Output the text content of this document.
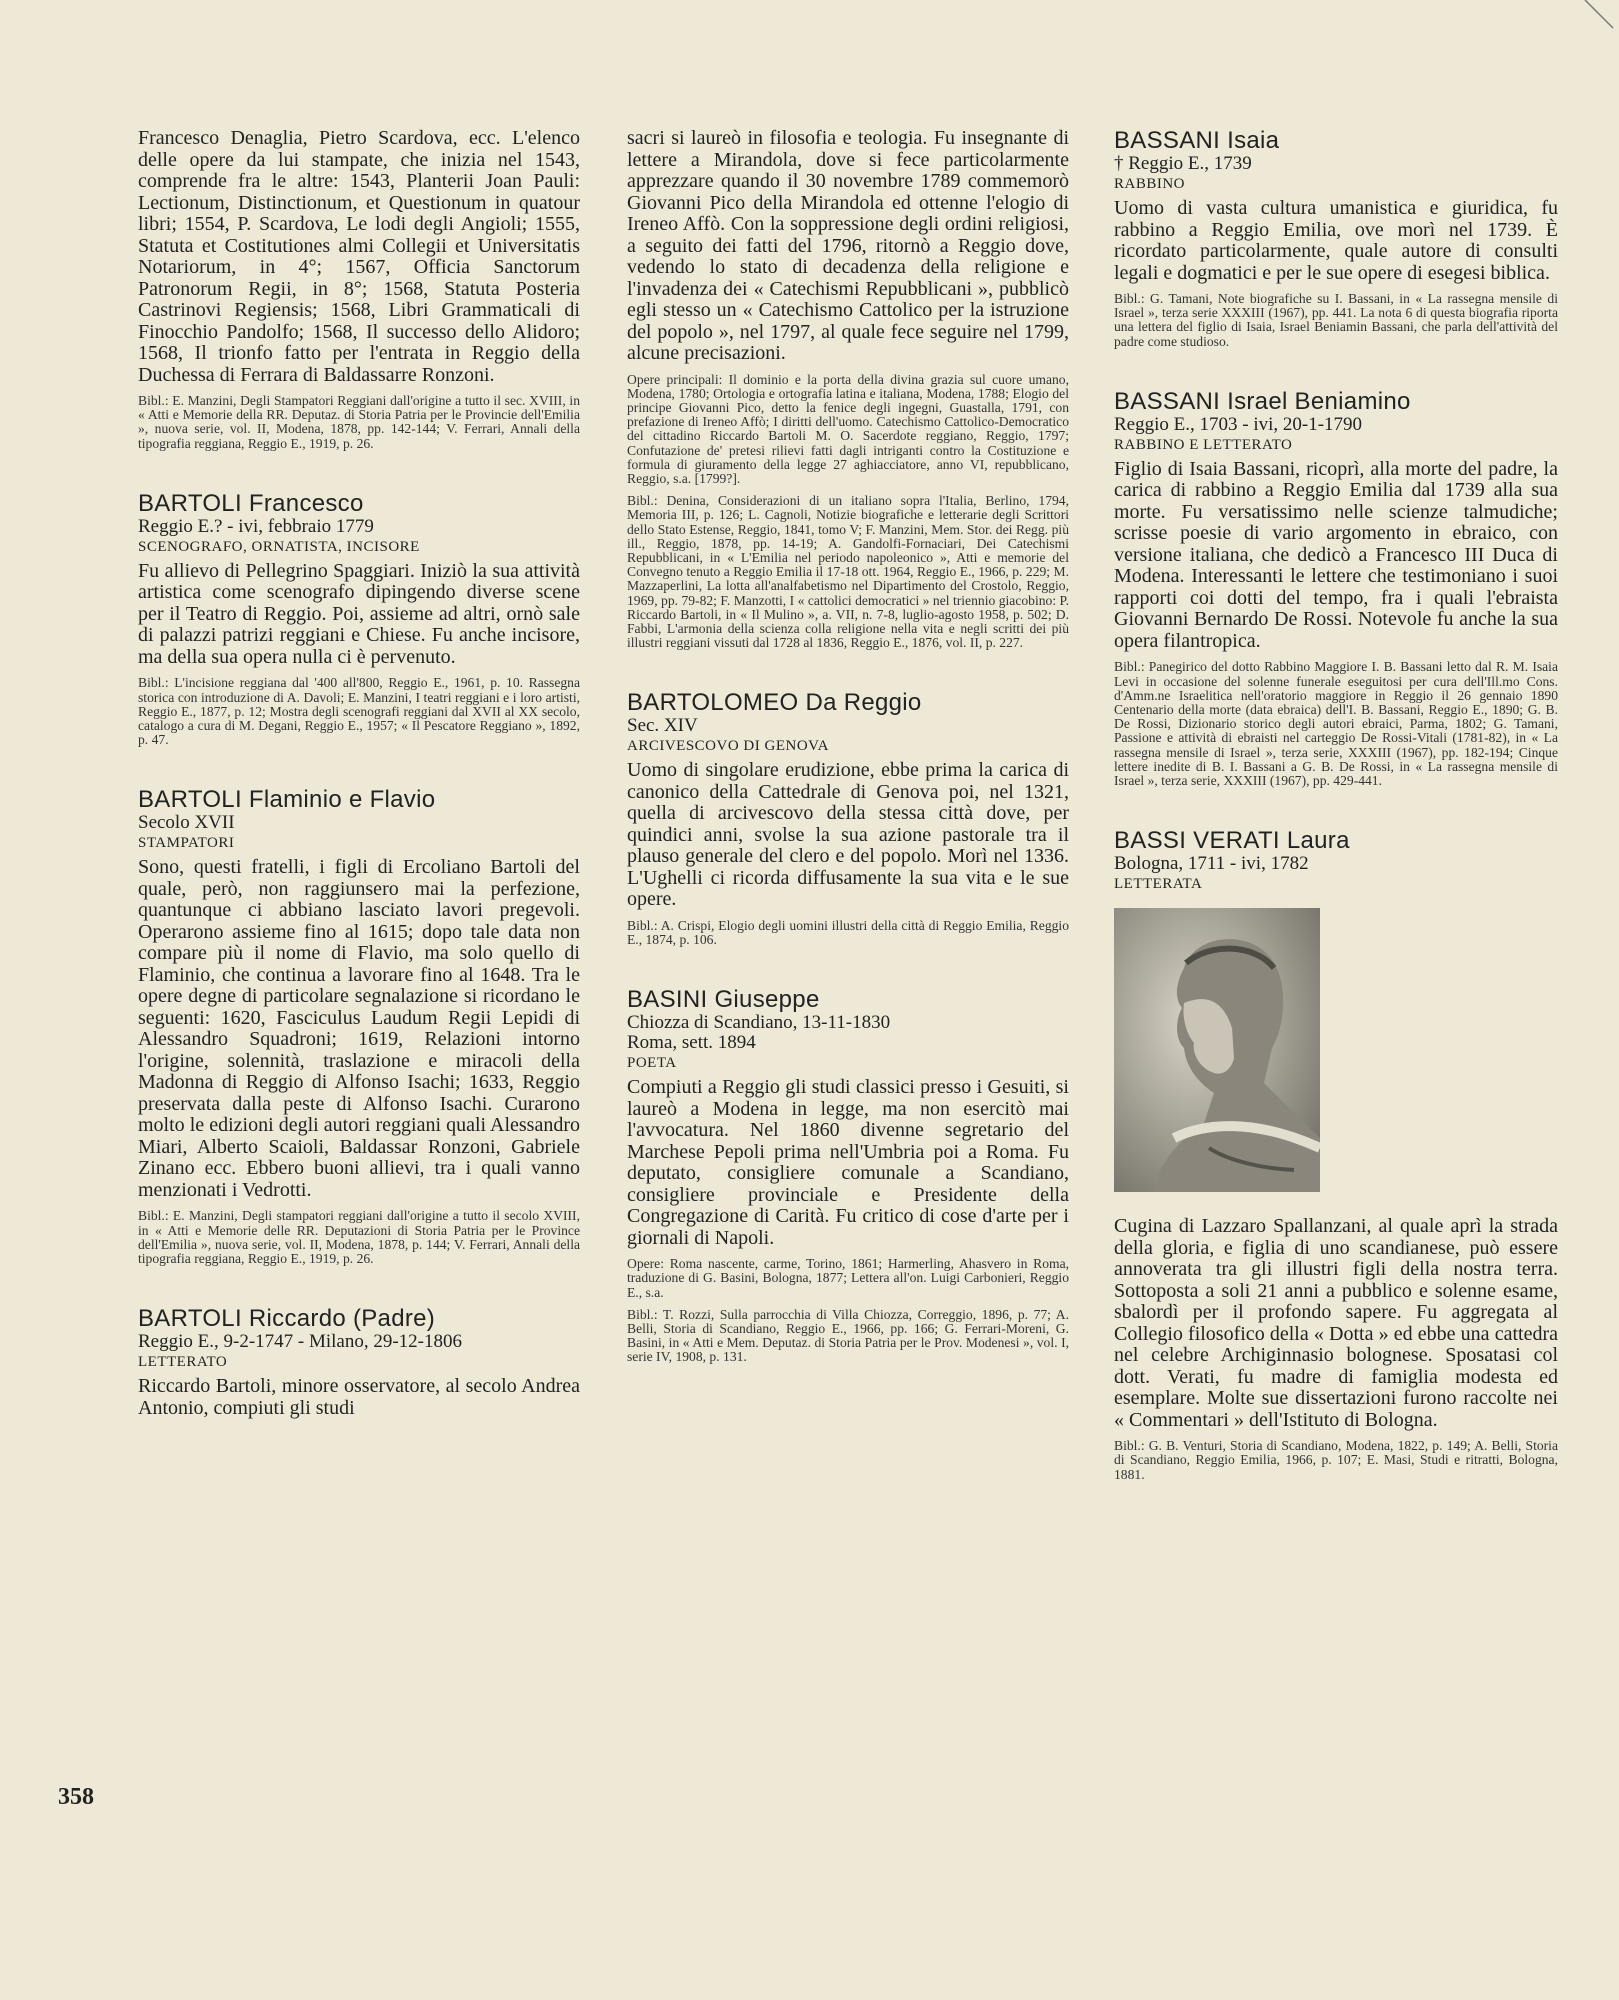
358

Francesco Denaglia, Pietro Scardova, ecc. L'elenco delle opere da lui stampate, che inizia nel 1543, comprende fra le altre: 1543, Planterii Joan Pauli: Lectionum, Distinctionum, et Questionum in quatour libri; 1554, P. Scardova, Le lodi degli Angioli; 1555, Statuta et Costitutiones almi Collegii et Universitatis Notariorum, in 4°; 1567, Officia Sanctorum Patronorum Regii, in 8°; 1568, Statuta Posteria Castrinovi Regiensis; 1568, Libri Grammaticali di Finocchio Pandolfo; 1568, Il successo dello Alidoro; 1568, Il trionfo fatto per l'entrata in Reggio della Duchessa di Ferrara di Baldassarre Ronzoni.

Bibl.: E. Manzini, Degli Stampatori Reggiani dall'origine a tutto il sec. XVIII, in « Atti e Memorie della RR. Deputaz. di Storia Patria per le Provincie dell'Emilia », nuova serie, vol. II, Modena, 1878, pp. 142-144; V. Ferrari, Annali della tipografia reggiana, Reggio E., 1919, p. 26.

BARTOLI Francesco

Reggio E.? - ivi, febbraio 1779

SCENOGRAFO, ORNATISTA, INCISORE

Fu allievo di Pellegrino Spaggiari. Iniziò la sua attività artistica come scenografo dipingendo diverse scene per il Teatro di Reggio. Poi, assieme ad altri, ornò sale di palazzi patrizi reggiani e Chiese. Fu anche incisore, ma della sua opera nulla ci è pervenuto.

Bibl.: L'incisione reggiana dal '400 all'800, Reggio E., 1961, p. 10. Rassegna storica con introduzione di A. Davoli; E. Manzini, I teatri reggiani e i loro artisti, Reggio E., 1877, p. 12; Mostra degli scenografi reggiani dal XVII al XX secolo, catalogo a cura di M. Degani, Reggio E., 1957; « Il Pescatore Reggiano », 1892, p. 47.

BARTOLI Flaminio e Flavio

Secolo XVII

STAMPATORI

Sono, questi fratelli, i figli di Ercoliano Bartoli del quale, però, non raggiunsero mai la perfezione, quantunque ci abbiano lasciato lavori pregevoli. Operarono assieme fino al 1615; dopo tale data non compare più il nome di Flavio, ma solo quello di Flaminio, che continua a lavorare fino al 1648. Tra le opere degne di particolare segnalazione si ricordano le seguenti: 1620, Fasciculus Laudum Regii Lepidi di Alessandro Squadroni; 1619, Relazioni intorno l'origine, solennità, traslazione e miracoli della Madonna di Reggio di Alfonso Isachi; 1633, Reggio preservata dalla peste di Alfonso Isachi. Curarono molto le edizioni degli autori reggiani quali Alessandro Miari, Alberto Scaioli, Baldassar Ronzoni, Gabriele Zinano ecc. Ebbero buoni allievi, tra i quali vanno menzionati i Vedrotti.

Bibl.: E. Manzini, Degli stampatori reggiani dall'origine a tutto il secolo XVIII, in « Atti e Memorie delle RR. Deputazioni di Storia Patria per le Province dell'Emilia », nuova serie, vol. II, Modena, 1878, p. 144; V. Ferrari, Annali della tipografia reggiana, Reggio E., 1919, p. 26.

BARTOLI Riccardo (Padre)

Reggio E., 9-2-1747 - Milano, 29-12-1806

LETTERATO

Riccardo Bartoli, minore osservatore, al secolo Andrea Antonio, compiuti gli studi

sacri si laureò in filosofia e teologia. Fu insegnante di lettere a Mirandola, dove si fece particolarmente apprezzare quando il 30 novembre 1789 commemorò Giovanni Pico della Mirandola ed ottenne l'elogio di Ireneo Affò. Con la soppressione degli ordini religiosi, a seguito dei fatti del 1796, ritornò a Reggio dove, vedendo lo stato di decadenza della religione e l'invadenza dei « Catechismi Repubblicani », pubblicò egli stesso un « Catechismo Cattolico per la istruzione del popolo », nel 1797, al quale fece seguire nel 1799, alcune precisazioni.

Opere principali: Il dominio e la porta della divina grazia sul cuore umano, Modena, 1780; Ortologia e ortografia latina e italiana, Modena, 1788; Elogio del principe Giovanni Pico, detto la fenice degli ingegni, Guastalla, 1791, con prefazione di Ireneo Affò; I diritti dell'uomo. Catechismo Cattolico-Democratico del cittadino Riccardo Bartoli M. O. Sacerdote reggiano, Reggio, 1797; Confutazione de' pretesi rilievi fatti dagli intriganti contro la Costituzione e formula di giuramento della legge 27 aghiacciatore, anno VI, repubblicano, Reggio, s.a. [1799?].

Bibl.: Denina, Considerazioni di un italiano sopra l'Italia, Berlino, 1794, Memoria III, p. 126; L. Cagnoli, Notizie biografiche e letterarie degli Scrittori dello Stato Estense, Reggio, 1841, tomo V; F. Manzini, Mem. Stor. dei Regg. più ill., Reggio, 1878, pp. 14-19; A. Gandolfi-Fornaciari, Dei Catechismi Repubblicani, in « L'Emilia nel periodo napoleonico », Atti e memorie del Convegno tenuto a Reggio Emilia il 17-18 ott. 1964, Reggio E., 1966, p. 229; M. Mazzaperlini, La lotta all'analfabetismo nel Dipartimento del Crostolo, Reggio, 1969, pp. 79-82; F. Manzotti, I « cattolici democratici » nel triennio giacobino: P. Riccardo Bartoli, in « Il Mulino », a. VII, n. 7-8, luglio-agosto 1958, p. 502; D. Fabbi, L'armonia della scienza colla religione nella vita e negli scritti dei più illustri reggiani vissuti dal 1728 al 1836, Reggio E., 1876, vol. II, p. 227.

BARTOLOMEO Da Reggio

Sec. XIV

ARCIVESCOVO DI GENOVA

Uomo di singolare erudizione, ebbe prima la carica di canonico della Cattedrale di Genova poi, nel 1321, quella di arcivescovo della stessa città dove, per quindici anni, svolse la sua azione pastorale tra il plauso generale del clero e del popolo. Morì nel 1336. L'Ughelli ci ricorda diffusamente la sua vita e le sue opere.

Bibl.: A. Crispi, Elogio degli uomini illustri della città di Reggio Emilia, Reggio E., 1874, p. 106.

BASINI Giuseppe

Chiozza di Scandiano, 13-11-1830

Roma, sett. 1894

POETA

Compiuti a Reggio gli studi classici presso i Gesuiti, si laureò a Modena in legge, ma non esercitò mai l'avvocatura. Nel 1860 divenne segretario del Marchese Pepoli prima nell'Umbria poi a Roma. Fu deputato, consigliere comunale a Scandiano, consigliere provinciale e Presidente della Congregazione di Carità. Fu critico di cose d'arte per i giornali di Napoli.

Opere: Roma nascente, carme, Torino, 1861; Harmerling, Ahasvero in Roma, traduzione di G. Basini, Bologna, 1877; Lettera all'on. Luigi Carbonieri, Reggio E., s.a.

Bibl.: T. Rozzi, Sulla parrocchia di Villa Chiozza, Correggio, 1896, p. 77; A. Belli, Storia di Scandiano, Reggio E., 1966, pp. 166; G. Ferrari-Moreni, G. Basini, in « Atti e Mem. Deputaz. di Storia Patria per le Prov. Modenesi », vol. I, serie IV, 1908, p. 131.

BASSANI Isaia

† Reggio E., 1739

RABBINO

Uomo di vasta cultura umanistica e giuridica, fu rabbino a Reggio Emilia, ove morì nel 1739. È ricordato particolarmente, quale autore di consulti legali e dogmatici e per le sue opere di esegesi biblica.

Bibl.: G. Tamani, Note biografiche su I. Bassani, in « La rassegna mensile di Israel », terza serie XXXIII (1967), pp. 441. La nota 6 di questa biografia riporta una lettera del figlio di Isaia, Israel Beniamin Bassani, che parla dell'attività del padre come studioso.

BASSANI Israel Beniamino

Reggio E., 1703 - ivi, 20-1-1790

RABBINO E LETTERATO

Figlio di Isaia Bassani, ricoprì, alla morte del padre, la carica di rabbino a Reggio Emilia dal 1739 alla sua morte. Fu versatissimo nelle scienze talmudiche; scrisse poesie di vario argomento in ebraico, con versione italiana, che dedicò a Francesco III Duca di Modena. Interessanti le lettere che testimoniano i suoi rapporti coi dotti del tempo, fra i quali l'ebraista Giovanni Bernardo De Rossi. Notevole fu anche la sua opera filantropica.

Bibl.: Panegirico del dotto Rabbino Maggiore I. B. Bassani letto dal R. M. Isaia Levi in occasione del solenne funerale eseguitosi per cura dell'Ill.mo Cons. d'Amm.ne Israelitica nell'oratorio maggiore in Reggio il 26 gennaio 1890 Centenario della morte (data ebraica) dell'I. B. Bassani, Reggio E., 1890; G. B. De Rossi, Dizionario storico degli autori ebraici, Parma, 1802; G. Tamani, Passione e attività di ebraisti nel carteggio De Rossi-Vitali (1781-82), in « La rassegna mensile di Israel », terza serie, XXXIII (1967), pp. 182-194; Cinque lettere inedite di B. I. Bassani a G. B. De Rossi, in « La rassegna mensile di Israel », terza serie, XXXIII (1967), pp. 429-441.

BASSI VERATI Laura

Bologna, 1711 - ivi, 1782

LETTERATA

Cugina di Lazzaro Spallanzani, al quale aprì la strada della gloria, e figlia di uno scandianese, può essere annoverata tra gli illustri figli della nostra terra. Sottoposta a soli 21 anni a pubblico e solenne esame, sbalordì per il profondo sapere. Fu aggregata al Collegio filosofico della « Dotta » ed ebbe una cattedra nel celebre Archiginnasio bolognese. Sposatasi col dott. Verati, fu madre di famiglia modesta ed esemplare. Molte sue dissertazioni furono raccolte nei « Commentari » dell'Istituto di Bologna.

Bibl.: G. B. Venturi, Storia di Scandiano, Modena, 1822, p. 149; A. Belli, Storia di Scandiano, Reggio Emilia, 1966, p. 107; E. Masi, Studi e ritratti, Bologna, 1881.
